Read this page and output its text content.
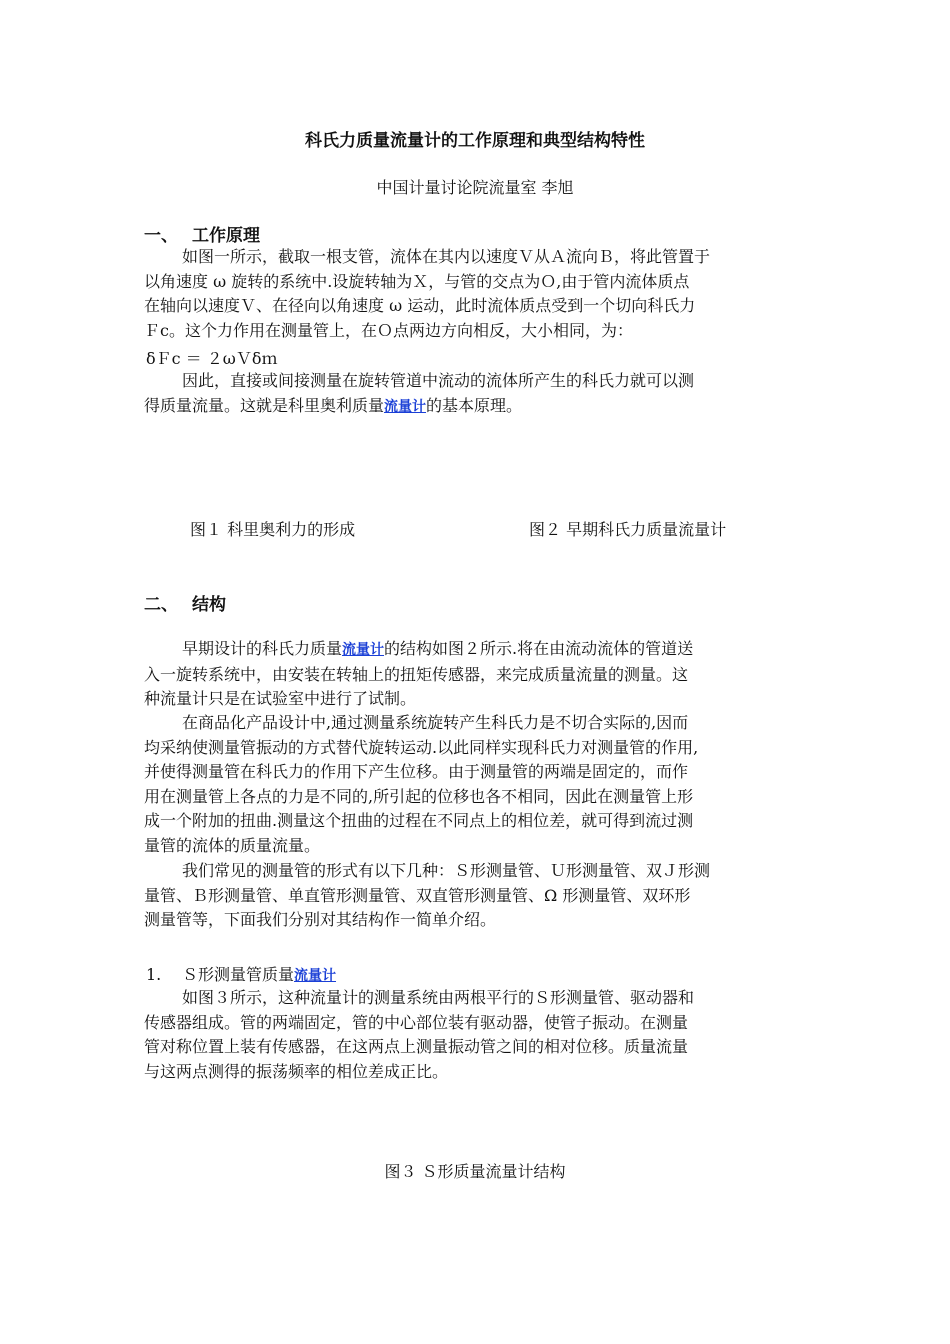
科氏力质量流量计的工作原理和典型结构特性
中国计量讨论院流量室 李旭
一、 工作原理
如图一所示，截取一根支管，流体在其内以速度Ｖ从Ａ流向Ｂ，将此管置于
以角速度 ω 旋转的系统中.设旋转轴为Ｘ，与管的交点为Ｏ,由于管内流体质点
在轴向以速度Ｖ、在径向以角速度 ω 运动，此时流体质点受到一个切向科氏力
Ｆc。这个力作用在测量管上，在Ｏ点两边方向相反，大小相同，为：
δＦc ＝ ２ωＶδｍ
因此，直接或间接测量在旋转管道中流动的流体所产生的科氏力就可以测
得质量流量。这就是科里奥利质量流量计的基本原理。
图１ 科里奥利力的形成	图２ 早期科氏力质量流量计
二、 结构
早期设计的科氏力质量流量计的结构如图２所示.将在由流动流体的管道送
入一旋转系统中，由安装在转轴上的扭矩传感器，来完成质量流量的测量。这
种流量计只是在试验室中进行了试制。
在商品化产品设计中,通过测量系统旋转产生科氏力是不切合实际的,因而
均采纳使测量管振动的方式替代旋转运动.以此同样实现科氏力对测量管的作用,
并使得测量管在科氏力的作用下产生位移。由于测量管的两端是固定的，而作
用在测量管上各点的力是不同的,所引起的位移也各不相同，因此在测量管上形
成一个附加的扭曲.测量这个扭曲的过程在不同点上的相位差，就可得到流过测
量管的流体的质量流量。
我们常见的测量管的形式有以下几种：Ｓ形测量管、Ｕ形测量管、双Ｊ形测
量管、Ｂ形测量管、单直管形测量管、双直管形测量管、Ω 形测量管、双环形
测量管等，下面我们分别对其结构作一简单介绍。
1. Ｓ形测量管质量流量计
如图３所示，这种流量计的测量系统由两根平行的Ｓ形测量管、驱动器和
传感器组成。管的两端固定，管的中心部位装有驱动器，使管子振动。在测量
管对称位置上装有传感器，在这两点上测量振动管之间的相对位移。质量流量
与这两点测得的振荡频率的相位差成正比。
图３ Ｓ形质量流量计结构
